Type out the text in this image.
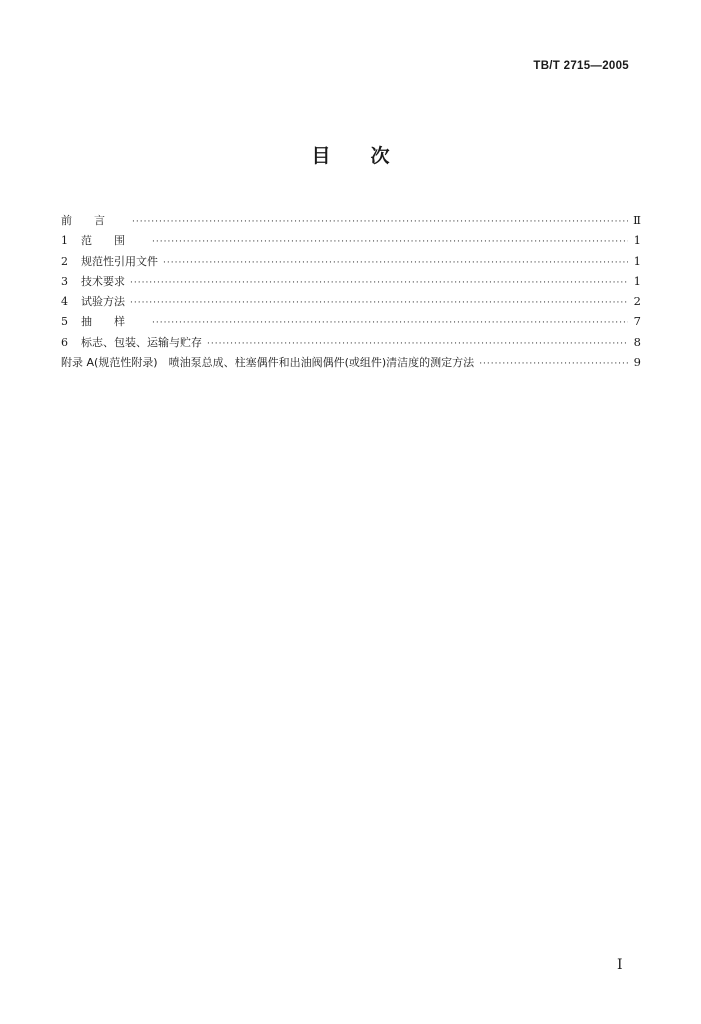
TB/T 2715—2005
目 次
前言 ·····	Ⅱ
1 范围 ·····	1
2 规范性引用文件 ·····	1
3 技术要求 ·····	1
4 试验方法 ·····	2
5 抽样 ·····	7
6 标志、包装、运输与贮存 ·····	8
附录 A(规范性附录)　喷油泵总成、柱塞偶件和出油阀偶件(或组件)清洁度的测定方法 ·····	9
I
